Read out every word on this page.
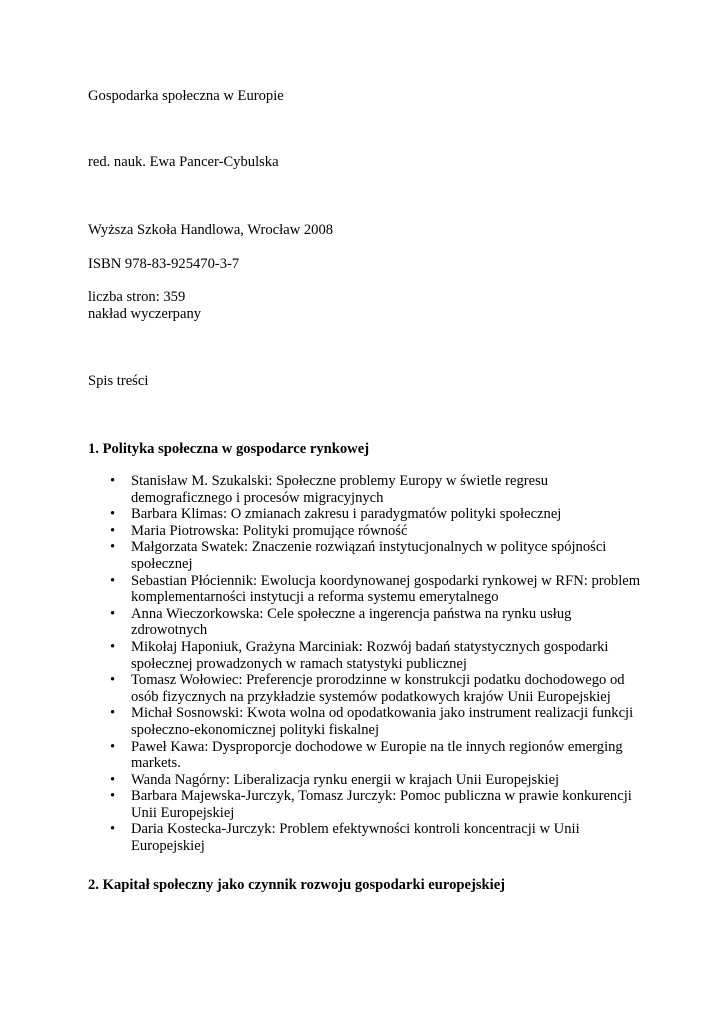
Gospodarka społeczna w Europie
red. nauk. Ewa Pancer-Cybulska
Wyższa Szkoła Handlowa, Wrocław 2008
ISBN 978-83-925470-3-7
liczba stron: 359
nakład wyczerpany
Spis treści
1. Polityka społeczna w gospodarce rynkowej
• Stanisław M. Szukalski: Społeczne problemy Europy w świetle regresu demograficznego i procesów migracyjnych
• Barbara Klimas: O zmianach zakresu i paradygmatów polityki społecznej
• Maria Piotrowska: Polityki promujące równość
• Małgorzata Swatek: Znaczenie rozwiązań instytucjonalnych w polityce spójności społecznej
• Sebastian Płóciennik: Ewolucja koordynowanej gospodarki rynkowej w RFN: problem komplementarności instytucji a reforma systemu emerytalnego
• Anna Wieczorkowska: Cele społeczne a ingerencja państwa na rynku usług zdrowotnych
• Mikołaj Haponiuk, Grażyna Marciniak: Rozwój badań statystycznych gospodarki społecznej prowadzonych w ramach statystyki publicznej
• Tomasz Wołowiec: Preferencje prorodzinne w konstrukcji podatku dochodowego od osób fizycznych na przykładzie systemów podatkowych krajów Unii Europejskiej
• Michał Sosnowski: Kwota wolna od opodatkowania jako instrument realizacji funkcji społeczno-ekonomicznej polityki fiskalnej
• Paweł Kawa: Dysproporcje dochodowe w Europie na tle innych regionów emerging markets.
• Wanda Nagórny: Liberalizacja rynku energii w krajach Unii Europejskiej
• Barbara Majewska-Jurczyk, Tomasz Jurczyk: Pomoc publiczna w prawie konkurencji Unii Europejskiej
• Daria Kostecka-Jurczyk: Problem efektywności kontroli koncentracji w Unii Europejskiej
2. Kapitał społeczny jako czynnik rozwoju gospodarki europejskiej
